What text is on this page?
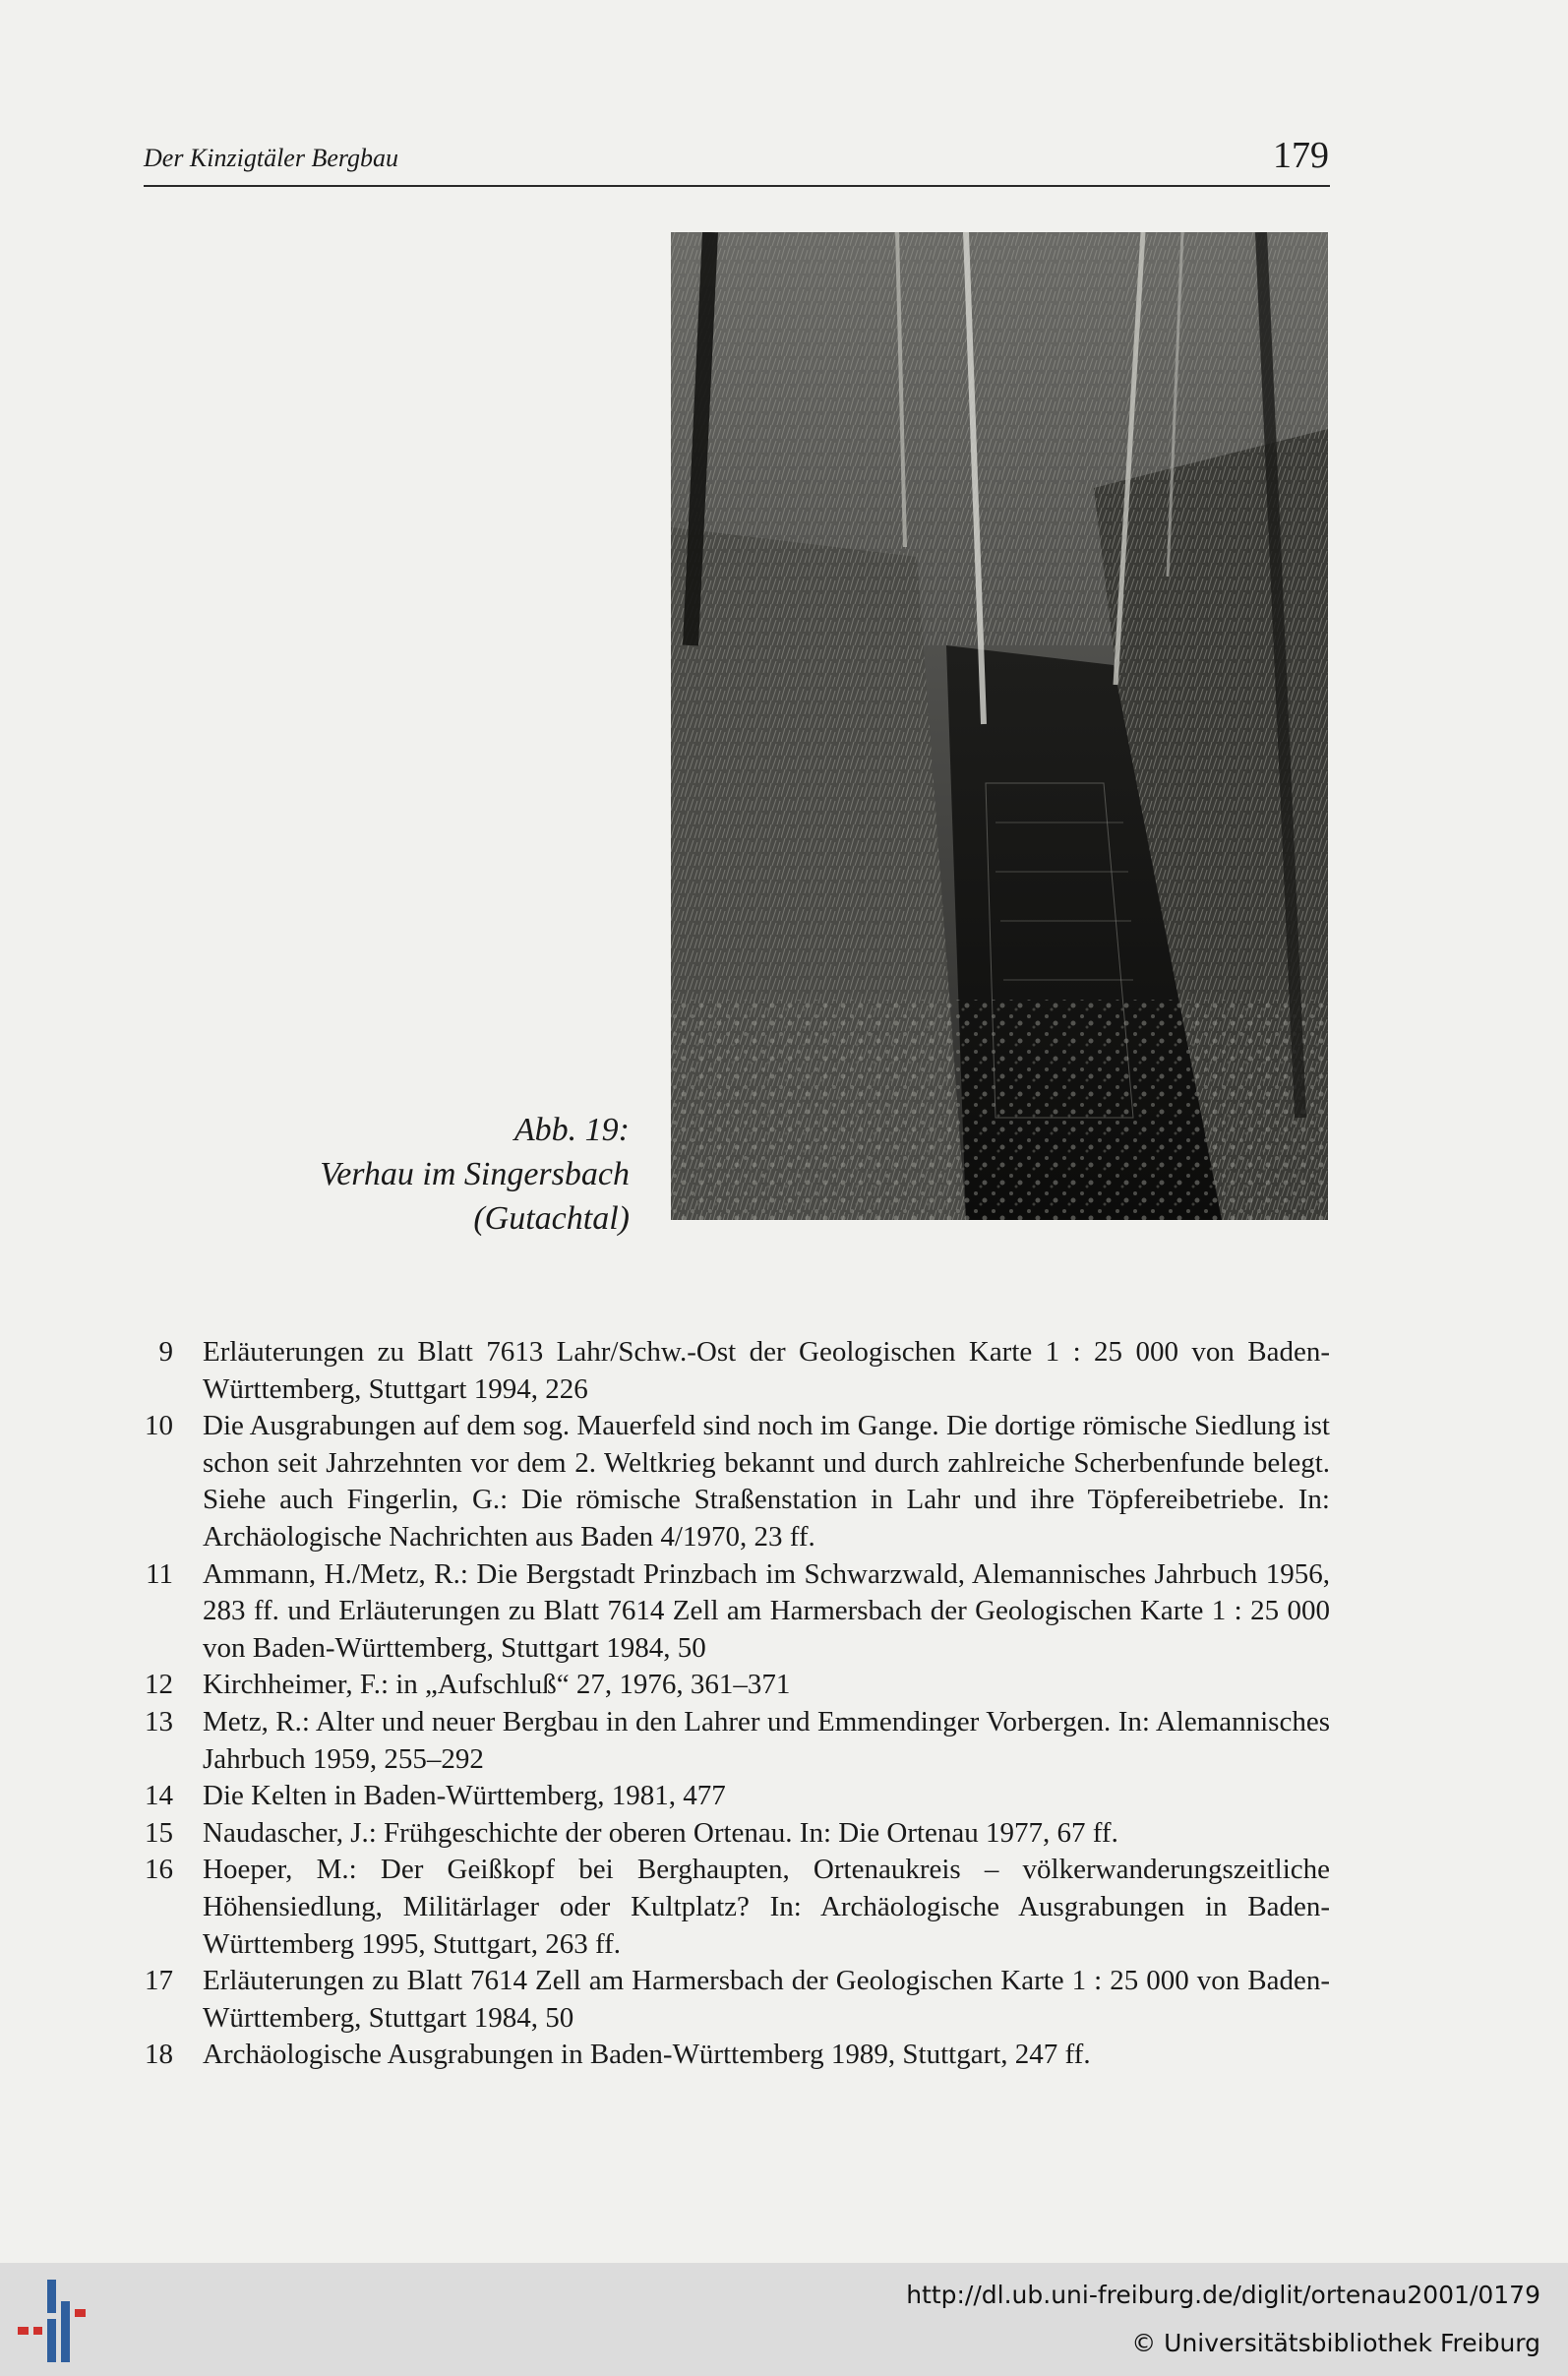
Der Kinzigtäler Bergbau	179
Abb. 19:
Verhau im Singersbach
(Gutachtal)
9 Erläuterungen zu Blatt 7613 Lahr/Schw.-Ost der Geologischen Karte 1 : 25 000 von Baden-Württemberg, Stuttgart 1994, 226
10 Die Ausgrabungen auf dem sog. Mauerfeld sind noch im Gange. Die dortige römische Siedlung ist schon seit Jahrzehnten vor dem 2. Weltkrieg bekannt und durch zahlreiche Scherbenfunde belegt. Siehe auch Fingerlin, G.: Die römische Straßenstation in Lahr und ihre Töpfereibetriebe. In: Archäologische Nachrichten aus Baden 4/1970, 23 ff.
11 Ammann, H./Metz, R.: Die Bergstadt Prinzbach im Schwarzwald, Alemannisches Jahrbuch 1956, 283 ff. und Erläuterungen zu Blatt 7614 Zell am Harmersbach der Geologischen Karte 1 : 25 000 von Baden-Württemberg, Stuttgart 1984, 50
12 Kirchheimer, F.: in „Aufschluß“ 27, 1976, 361–371
13 Metz, R.: Alter und neuer Bergbau in den Lahrer und Emmendinger Vorbergen. In: Alemannisches Jahrbuch 1959, 255–292
14 Die Kelten in Baden-Württemberg, 1981, 477
15 Naudascher, J.: Frühgeschichte der oberen Ortenau. In: Die Ortenau 1977, 67 ff.
16 Hoeper, M.: Der Geißkopf bei Berghaupten, Ortenaukreis – völkerwanderungszeitliche Höhensiedlung, Militärlager oder Kultplatz? In: Archäologische Ausgrabungen in Baden-Württemberg 1995, Stuttgart, 263 ff.
17 Erläuterungen zu Blatt 7614 Zell am Harmersbach der Geologischen Karte 1 : 25 000 von Baden-Württemberg, Stuttgart 1984, 50
18 Archäologische Ausgrabungen in Baden-Württemberg 1989, Stuttgart, 247 ff.
http://dl.ub.uni-freiburg.de/diglit/ortenau2001/0179
© Universitätsbibliothek Freiburg
